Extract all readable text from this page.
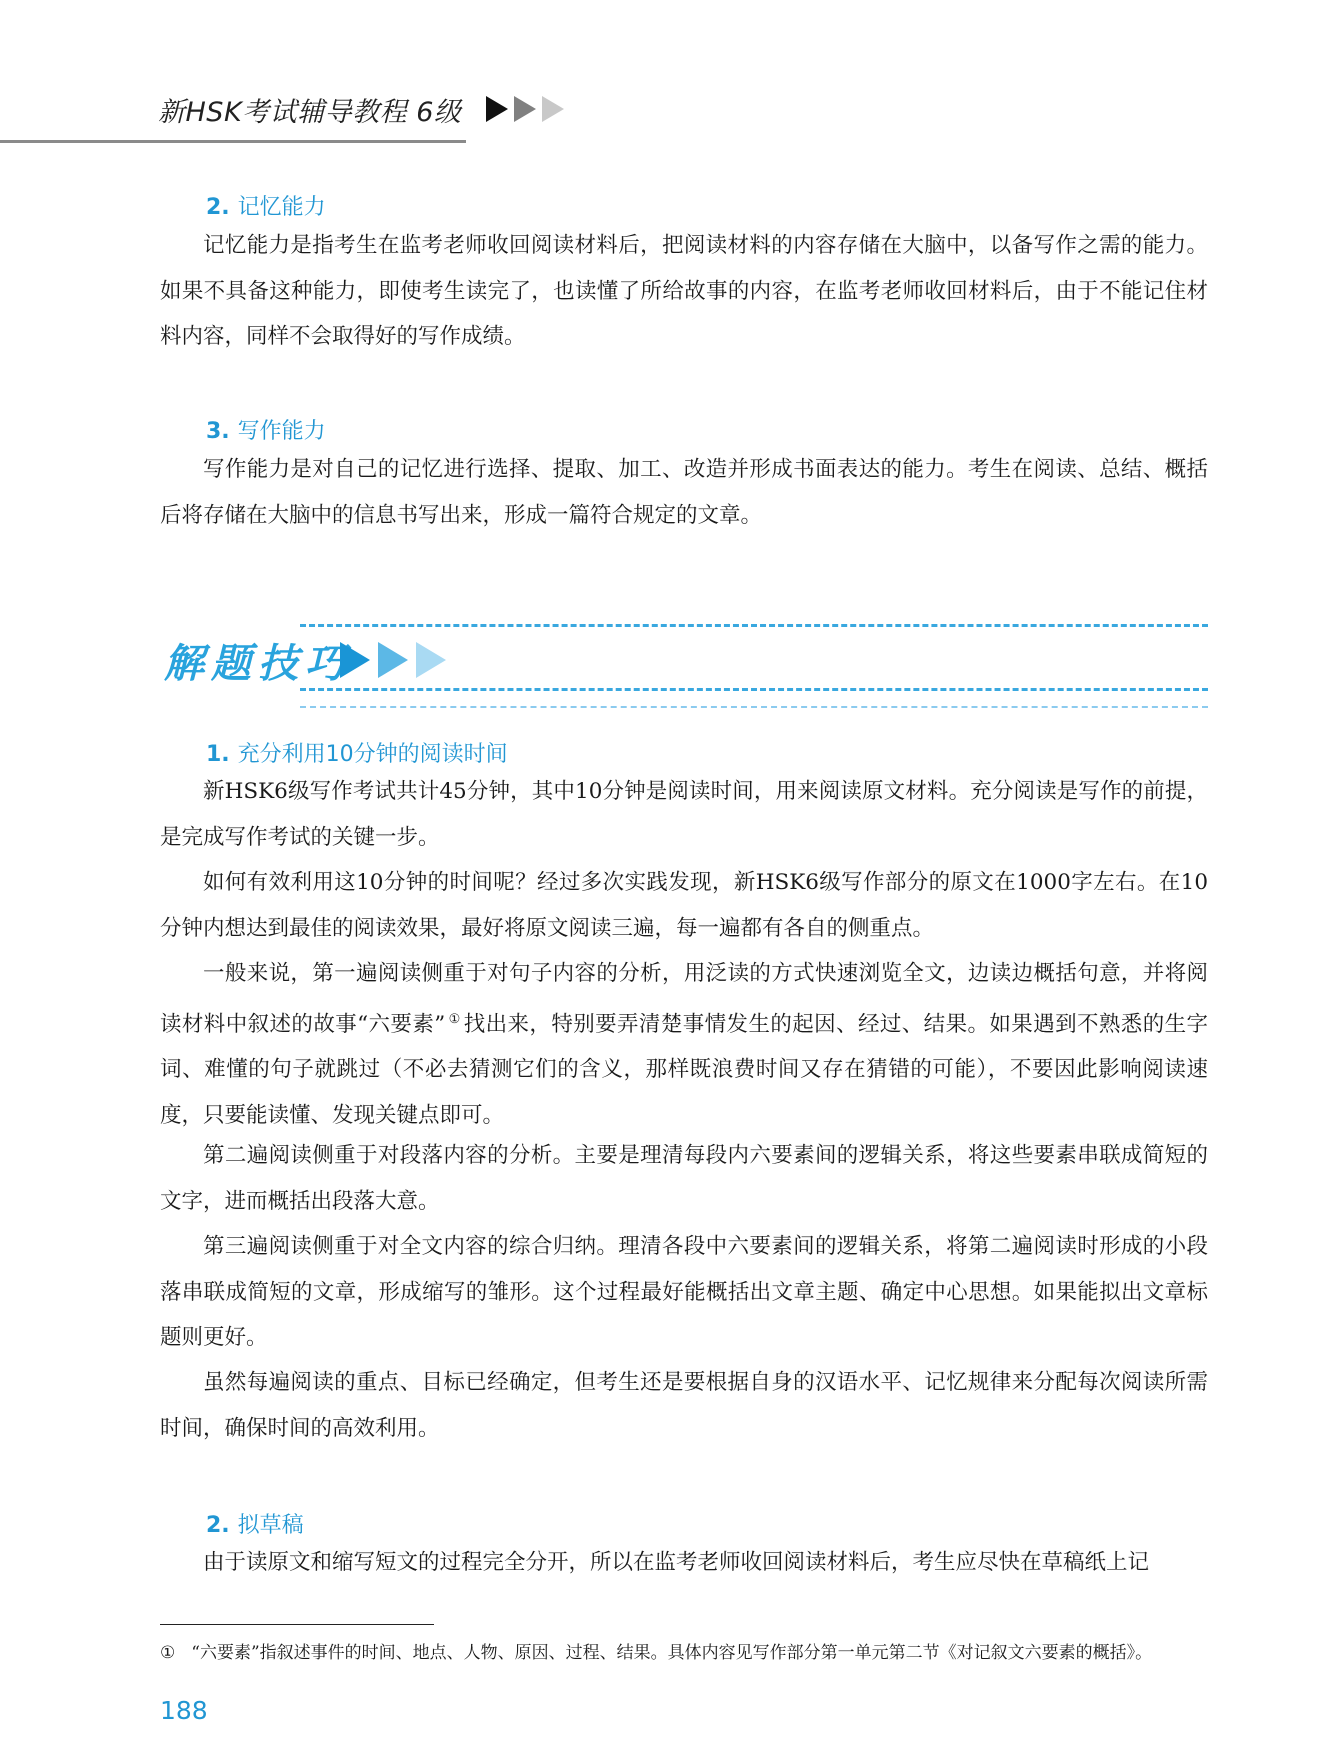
新HSK考试辅导教程 6级
2. 记忆能力

记忆能力是指考生在监考老师收回阅读材料后，把阅读材料的内容存储在大脑中，以备写作之需的能力。如果不具备这种能力，即使考生读完了，也读懂了所给故事的内容，在监考老师收回材料后，由于不能记住材料内容，同样不会取得好的写作成绩。

3. 写作能力

写作能力是对自己的记忆进行选择、提取、加工、改造并形成书面表达的能力。考生在阅读、总结、概括后将存储在大脑中的信息书写出来，形成一篇符合规定的文章。

解题技巧
1. 充分利用10分钟的阅读时间

新HSK6级写作考试共计45分钟，其中10分钟是阅读时间，用来阅读原文材料。充分阅读是写作的前提，是完成写作考试的关键一步。

如何有效利用这10分钟的时间呢？经过多次实践发现，新HSK6级写作部分的原文在1000字左右。在10分钟内想达到最佳的阅读效果，最好将原文阅读三遍，每一遍都有各自的侧重点。

一般来说，第一遍阅读侧重于对句子内容的分析，用泛读的方式快速浏览全文，边读边概括句意，并将阅读材料中叙述的故事“六要素” ① 找出来，特别要弄清楚事情发生的起因、经过、结果。如果遇到不熟悉的生字词、难懂的句子就跳过（不必去猜测它们的含义，那样既浪费时间又存在猜错的可能），不要因此影响阅读速度，只要能读懂、发现关键点即可。

第二遍阅读侧重于对段落内容的分析。主要是理清每段内六要素间的逻辑关系，将这些要素串联成简短的文字，进而概括出段落大意。

第三遍阅读侧重于对全文内容的综合归纳。理清各段中六要素间的逻辑关系，将第二遍阅读时形成的小段落串联成简短的文章，形成缩写的雏形。这个过程最好能概括出文章主题、确定中心思想。如果能拟出文章标题则更好。

虽然每遍阅读的重点、目标已经确定，但考生还是要根据自身的汉语水平、记忆规律来分配每次阅读所需时间，确保时间的高效利用。

2. 拟草稿

由于读原文和缩写短文的过程完全分开，所以在监考老师收回阅读材料后，考生应尽快在草稿纸上记

① “六要素”指叙述事件的时间、地点、人物、原因、过程、结果。具体内容见写作部分第一单元第二节《对记叙文六要素的概括》。
188
